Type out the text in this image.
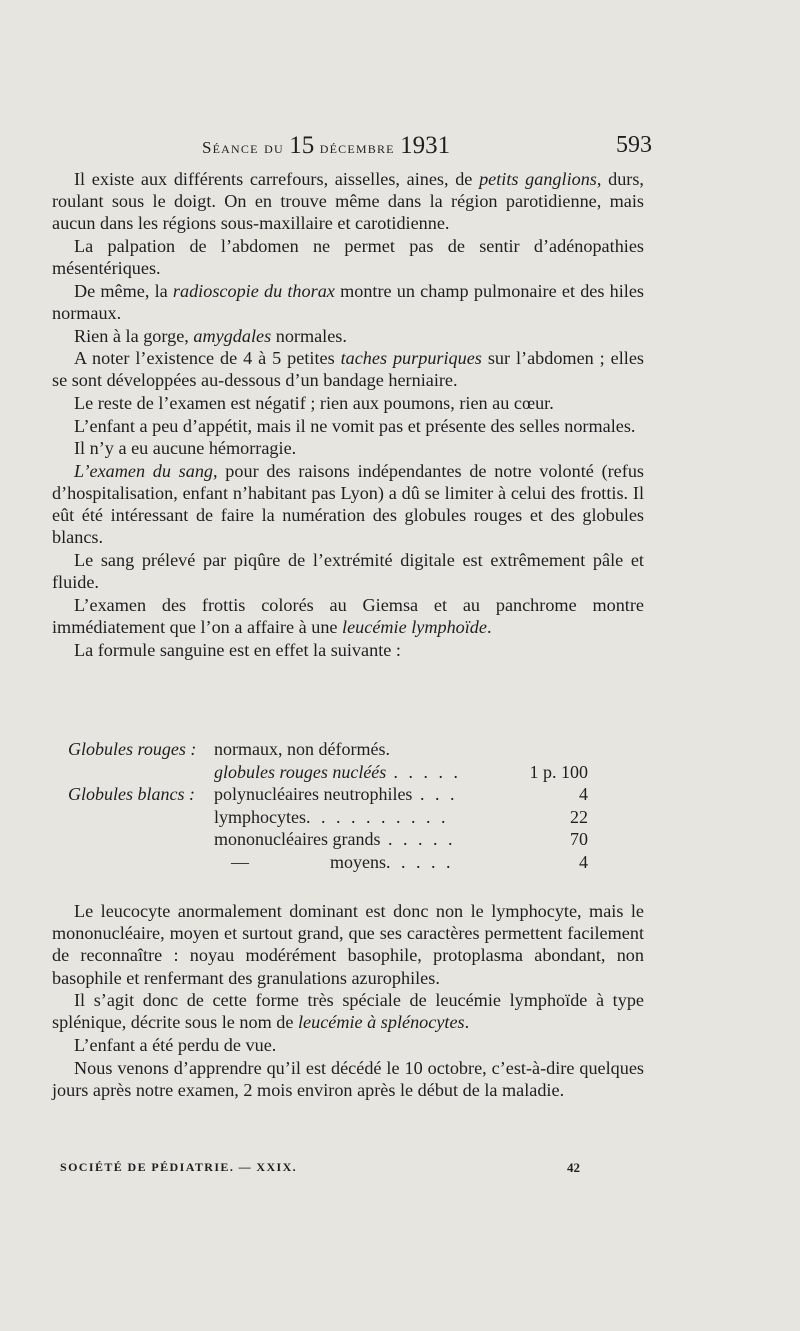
Séance du 15 décembre 1931	593

Il existe aux différents carrefours, aisselles, aines, de petits ganglions, durs, roulant sous le doigt. On en trouve même dans la région parotidienne, mais aucun dans les régions sous-maxillaire et carotidienne.

La palpation de l’abdomen ne permet pas de sentir d’adénopathies mésentériques.

De même, la radioscopie du thorax montre un champ pulmonaire et des hiles normaux.

Rien à la gorge, amygdales normales.

A noter l’existence de 4 à 5 petites taches purpuriques sur l’abdomen ; elles se sont développées au-dessous d’un bandage herniaire.

Le reste de l’examen est négatif ; rien aux poumons, rien au cœur.

L’enfant a peu d’appétit, mais il ne vomit pas et présente des selles normales.

Il n’y a eu aucune hémorragie.

L’examen du sang, pour des raisons indépendantes de notre volonté (refus d’hospitalisation, enfant n’habitant pas Lyon) a dû se limiter à celui des frottis. Il eût été intéressant de faire la numération des globules rouges et des globules blancs.

Le sang prélevé par piqûre de l’extrémité digitale est extrêmement pâle et fluide.

L’examen des frottis colorés au Giemsa et au panchrome montre immédiatement que l’on a affaire à une leucémie lymphoïde.

La formule sanguine est en effet la suivante :

Globules rouges : normaux, non déformés.
globules rouges nucléés . . . . .	1 p. 100
Globules blancs :	polynucléaires neutrophiles . . .	4
lymphocytes. . . . . . . . . .	22
mononucléaires grands . . . . .	70
—	moyens. . . . .	4

Le leucocyte anormalement dominant est donc non le lymphocyte, mais le mononucléaire, moyen et surtout grand, que ses caractères permettent facilement de reconnaître : noyau modérément basophile, protoplasma abondant, non basophile et renfermant des granulations azurophiles.

Il s’agit donc de cette forme très spéciale de leucémie lymphoïde à type splénique, décrite sous le nom de leucémie à splénocytes.

L’enfant a été perdu de vue.

Nous venons d’apprendre qu’il est décédé le 10 octobre, c’est-à-dire quelques jours après notre examen, 2 mois environ après le début de la maladie.

SOCIÉTÉ DE PÉDIATRIE. — XXIX.	42
